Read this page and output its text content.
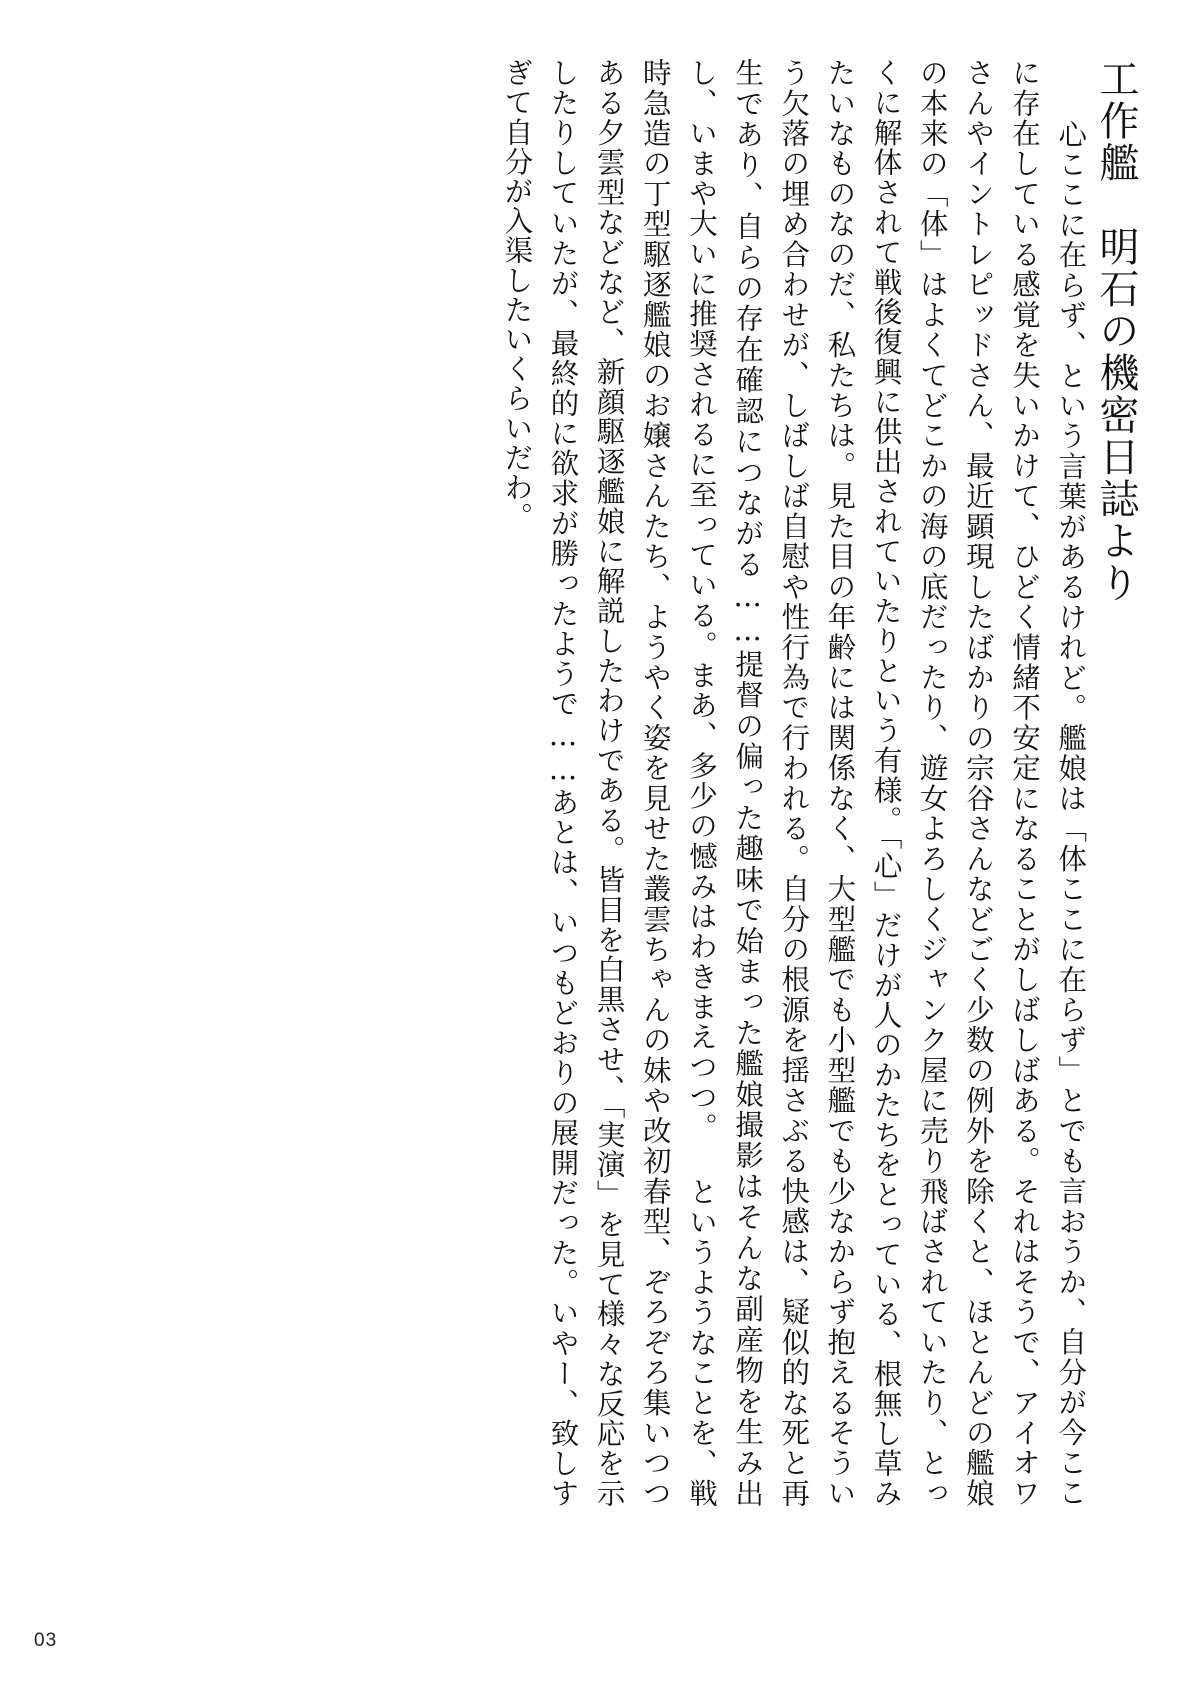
工作艦　明石の機密日誌より
　心ここに在らず、という言葉があるけれど。艦娘は「体ここに在らず」とでも言おうか、自分が今ここに存在している感覚を失いかけて、ひどく情緒不安定になることがしばしばある。それはそうで、アイオワさんやイントレピッドさん、最近顕現したばかりの宗谷さんなどごく少数の例外を除くと、ほとんどの艦娘の本来の「体」はよくてどこかの海の底だったり、遊女よろしくジャンク屋に売り飛ばされていたり、とっくに解体されて戦後復興に供出されていたりという有様。「心」だけが人のかたちをとっている、根無し草みたいなものなのだ、私たちは。見た目の年齢には関係なく、大型艦でも小型艦でも少なからず抱えるそういう欠落の埋め合わせが、しばしば自慰や性行為で行われる。自分の根源を揺さぶる快感は、疑似的な死と再生であり、自らの存在確認につながる……提督の偏った趣味で始まった艦娘撮影はそんな副産物を生み出し、いまや大いに推奨されるに至っている。まあ、多少の憾みはわきまえつつ。 というようなことを、戦時急造の丁型駆逐艦娘のお嬢さんたち、ようやく姿を見せた叢雲ちゃんの妹や改初春型、ぞろぞろ集いつつある夕雲型などなど、新顔駆逐艦娘に解説したわけである。皆目を白黒させ、「実演」を見て様々な反応を示したりしていたが、最終的に欲求が勝ったようで……あとは、いつもどおりの展開だった。いやー、致しすぎて自分が入渠したいくらいだわ。
03
